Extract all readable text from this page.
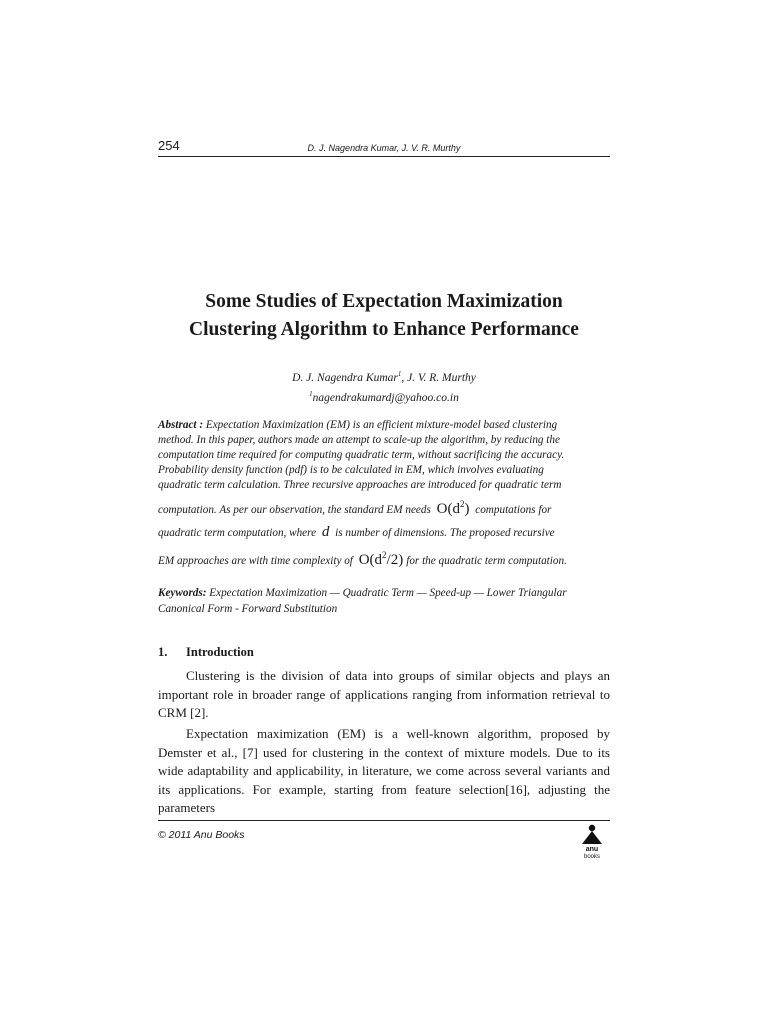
254	D. J. Nagendra Kumar, J. V. R. Murthy
Some Studies of Expectation Maximization
Clustering Algorithm to Enhance Performance
D. J. Nagendra Kumar$^1$, J. V. R. Murthy
$^1$nagendrakumardj@yahoo.co.in
Abstract : Expectation Maximization (EM) is an efficient mixture-model based clustering
method. In this paper, authors made an attempt to scale-up the algorithm, by reducing the
computation time required for computing quadratic term, without sacrificing the accuracy.
Probability density function (pdf) is to be calculated in EM, which involves evaluating
quadratic term calculation. Three recursive approaches are introduced for quadratic term
computation. As per our observation, the standard EM needs $O(d^2)$ computations for
quadratic term computation, where d is number of dimensions. The proposed recursive
EM approaches are with time complexity of $O(d^2/2)$ for the quadratic term computation.
Keywords: Expectation Maximization — Quadratic Term — Speed-up — Lower Triangular
Canonical Form - Forward Substitution
1. Introduction
Clustering is the division of data into groups of similar objects and plays an important role in broader range of applications ranging from information retrieval to CRM [2].
Expectation maximization (EM) is a well-known algorithm, proposed by Demster et al., [7] used for clustering in the context of mixture models. Due to its wide adaptability and applicability, in literature, we come across several variants and its applications. For example, starting from feature selection[16], adjusting the parameters
© 2011 Anu Books
anu
books
